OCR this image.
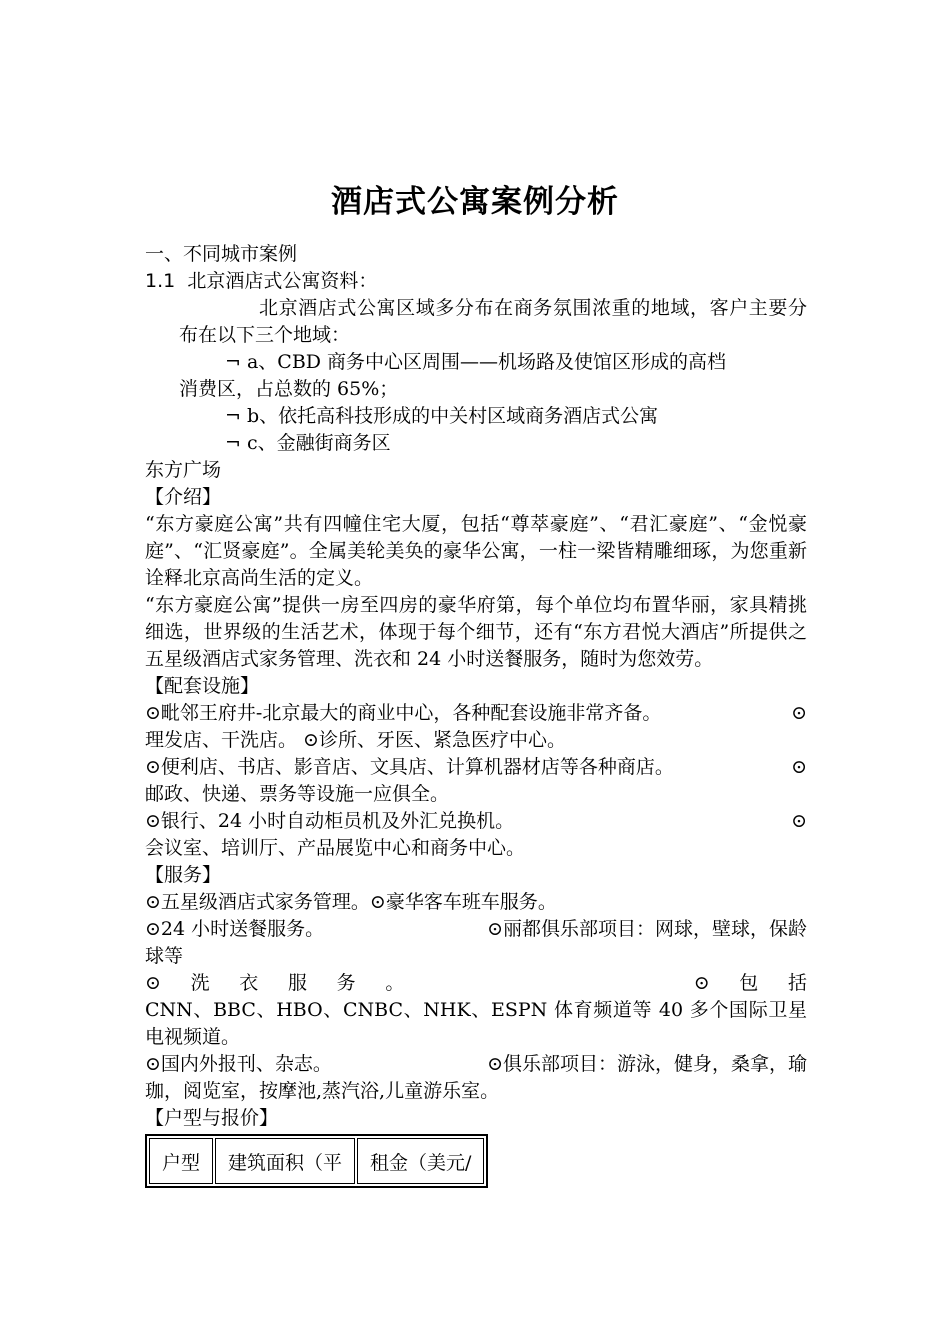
酒店式公寓案例分析
一、不同城市案例
1.1 北京酒店式公寓资料：
北京酒店式公寓区域多分布在商务氛围浓重的地域，客户主要分布在以下三个地域：
¬ a、CBD 商务中心区周围——机场路及使馆区形成的高档
消费区，占总数的 65%；
¬ b、依托高科技形成的中关村区域商务酒店式公寓
¬ c、金融街商务区
东方广场
【介绍】
“东方豪庭公寓”共有四幢住宅大厦，包括“尊萃豪庭”、“君汇豪庭”、“金悦豪庭”、“汇贤豪庭”。全属美轮美奂的豪华公寓，一柱一梁皆精雕细琢，为您重新诠释北京高尚生活的定义。
“东方豪庭公寓”提供一房至四房的豪华府第，每个单位均布置华丽，家具精挑细选，世界级的生活艺术，体现于每个细节，还有“东方君悦大酒店”所提供之五星级酒店式家务管理、洗衣和 24 小时送餐服务，随时为您效劳。
【配套设施】
⊙毗邻王府井-北京最大的商业中心，各种配套设施非常齐备。	⊙
理发店、干洗店。 ⊙诊所、牙医、紧急医疗中心。
⊙便利店、书店、影音店、文具店、计算机器材店等各种商店。	⊙
邮政、快递、票务等设施一应俱全。
⊙银行、24 小时自动柜员机及外汇兑换机。	⊙
会议室、培训厅、产品展览中心和商务中心。
【服务】
⊙五星级酒店式家务管理。⊙豪华客车班车服务。
⊙24 小时送餐服务。	⊙丽都俱乐部项目：网球，壁球，保龄
球等
⊙ 洗 衣 服 务 。	⊙ 包 括
CNN、BBC、HBO、CNBC、NHK、ESPN 体育频道等 40 多个国际卫星电视频道。
⊙国内外报刊、杂志。	⊙俱乐部项目：游泳，健身，桑拿，瑜
珈，阅览室，按摩池,蒸汽浴,儿童游乐室。
【户型与报价】
户型	建筑面积（平	租金（美元/
